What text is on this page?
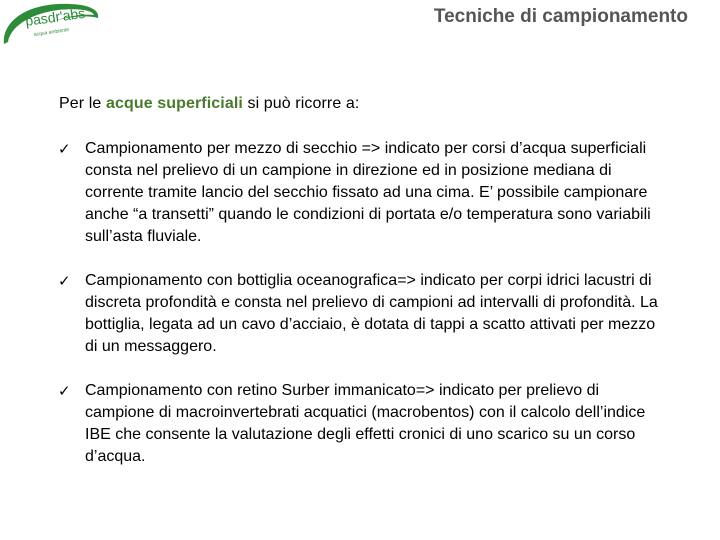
pasdr'abs
acqua ambiente
Tecniche di campionamento
Per le acque superficiali si può ricorre a:
✓ Campionamento per mezzo di secchio => indicato per corsi d’acqua superficiali consta nel prelievo di un campione in direzione ed in posizione mediana di corrente tramite lancio del secchio fissato ad una cima. E’ possibile campionare anche “a transetti” quando le condizioni di portata e/o temperatura sono variabili sull’asta fluviale.
✓ Campionamento con bottiglia oceanografica=> indicato per corpi idrici lacustri di discreta profondità e consta nel prelievo di campioni ad intervalli di profondità. La bottiglia, legata ad un cavo d’acciaio, è dotata di tappi a scatto attivati per mezzo di un messaggero.
✓ Campionamento con retino Surber immanicato=> indicato per prelievo di campione di macroinvertebrati acquatici (macrobentos) con il calcolo dell’indice IBE che consente la valutazione degli effetti cronici di uno scarico su un corso d’acqua.
